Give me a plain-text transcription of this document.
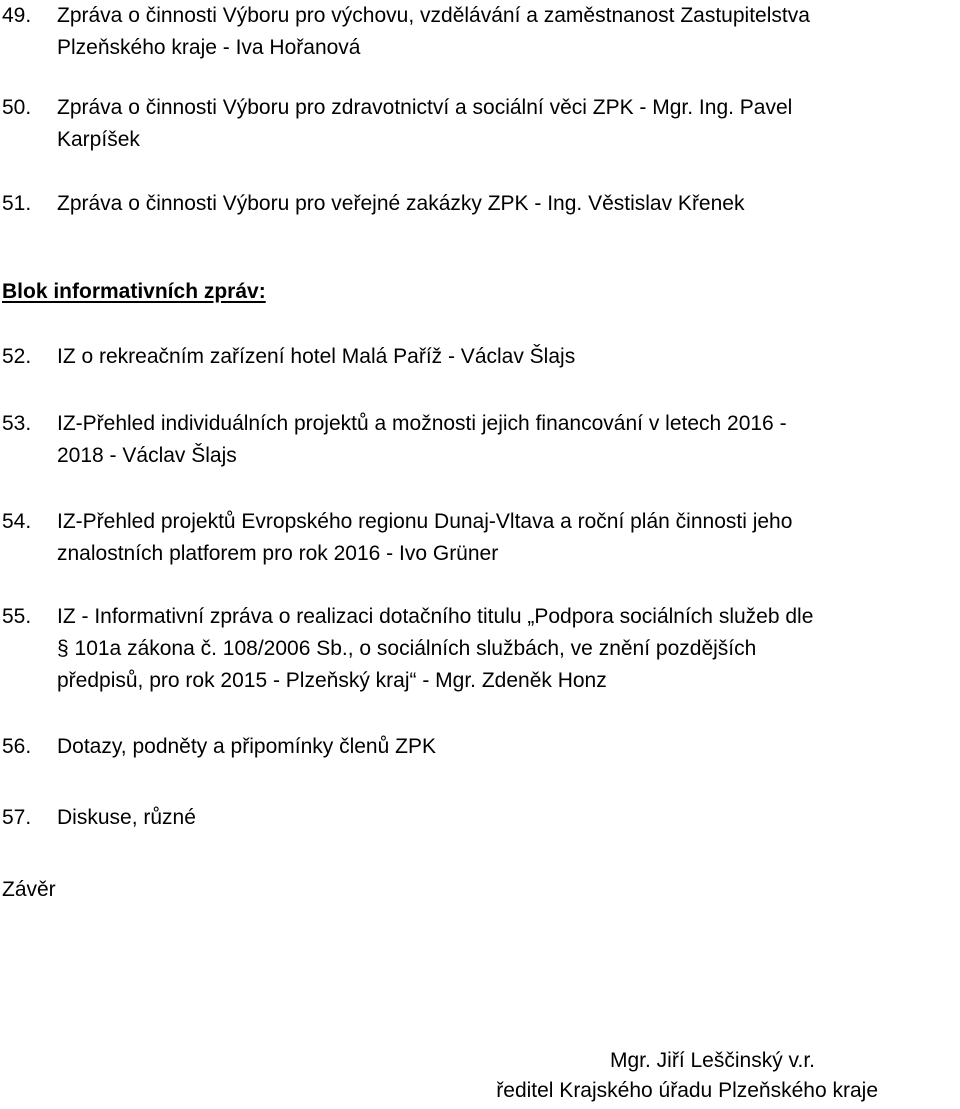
49. Zpráva o činnosti Výboru pro výchovu, vzdělávání a zaměstnanost Zastupitelstva
Plzeňského kraje - Iva Hořanová
50. Zpráva o činnosti Výboru pro zdravotnictví a sociální věci ZPK - Mgr. Ing. Pavel
Karpíšek
51. Zpráva o činnosti Výboru pro veřejné zakázky ZPK - Ing. Věstislav Křenek
Blok informativních zpráv:
52. IZ o rekreačním zařízení hotel Malá Paříž - Václav Šlajs
53. IZ-Přehled individuálních projektů a možnosti jejich financování v letech 2016 -
2018 - Václav Šlajs
54. IZ-Přehled projektů Evropského regionu Dunaj-Vltava a roční plán činnosti jeho
znalostních platforem pro rok 2016 - Ivo Grüner
55. IZ - Informativní zpráva o realizaci dotačního titulu „Podpora sociálních služeb dle
§ 101a zákona č. 108/2006 Sb., o sociálních službách, ve znění pozdějších
předpisů, pro rok 2015 - Plzeňský kraj“ - Mgr. Zdeněk Honz
56. Dotazy, podněty a připomínky členů ZPK
57. Diskuse, různé
Závěr
Mgr. Jiří Leščinský v.r.
ředitel Krajského úřadu Plzeňského kraje
